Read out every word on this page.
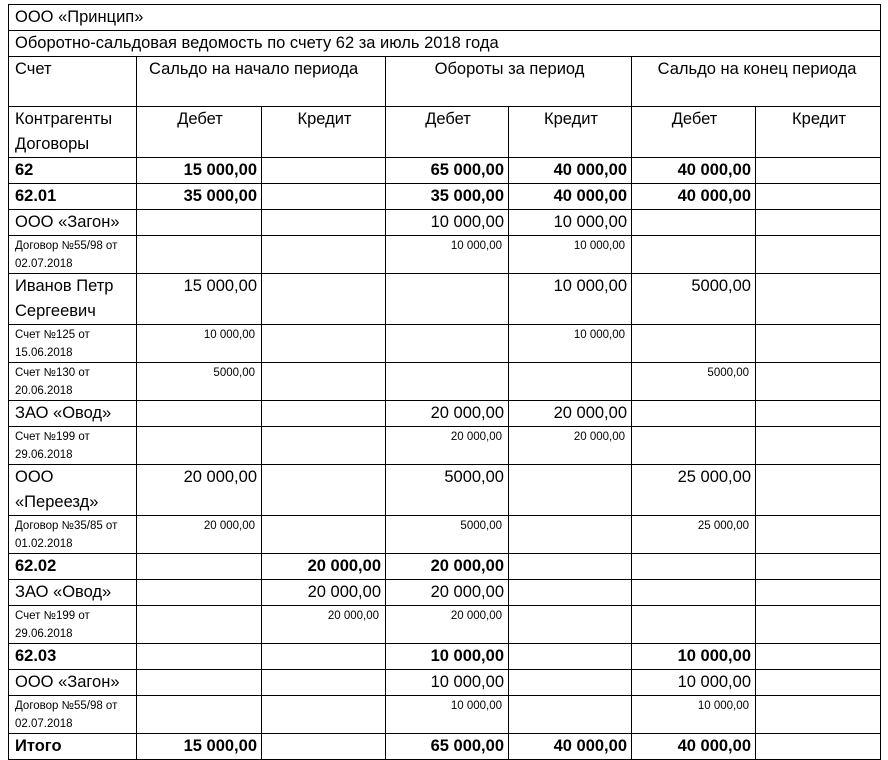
ООО «Принцип»						
Оборотно-сальдовая ведомость по счету 62 за июль 2018 года						
Счет	Сальдо на начало периода		Обороты за период		Сальдо на конец периода	
Контрагенты Договоры	Дебет	Кредит	Дебет	Кредит	Дебет	Кредит
62	15 000,00		65 000,00	40 000,00	40 000,00	
62.01	35 000,00		35 000,00	40 000,00	40 000,00	
ООО «Загон»			10 000,00	10 000,00		
Договор №55/98 от 02.07.2018			10 000,00	10 000,00		
Иванов Петр Сергеевич	15 000,00			10 000,00	5000,00	
Счет №125 от 15.06.2018	10 000,00			10 000,00		
Счет №130 от 20.06.2018	5000,00				5000,00	
ЗАО «Овод»			20 000,00	20 000,00		
Счет №199 от 29.06.2018			20 000,00	20 000,00		
ООО «Переезд»	20 000,00		5000,00		25 000,00	
Договор №35/85 от 01.02.2018	20 000,00		5000,00		25 000,00	
62.02		20 000,00	20 000,00			
ЗАО «Овод»		20 000,00	20 000,00			
Счет №199 от 29.06.2018		20 000,00	20 000,00			
62.03			10 000,00		10 000,00	
ООО «Загон»			10 000,00		10 000,00	
Договор №55/98 от 02.07.2018			10 000,00		10 000,00	
Итого	15 000,00		65 000,00	40 000,00	40 000,00	
